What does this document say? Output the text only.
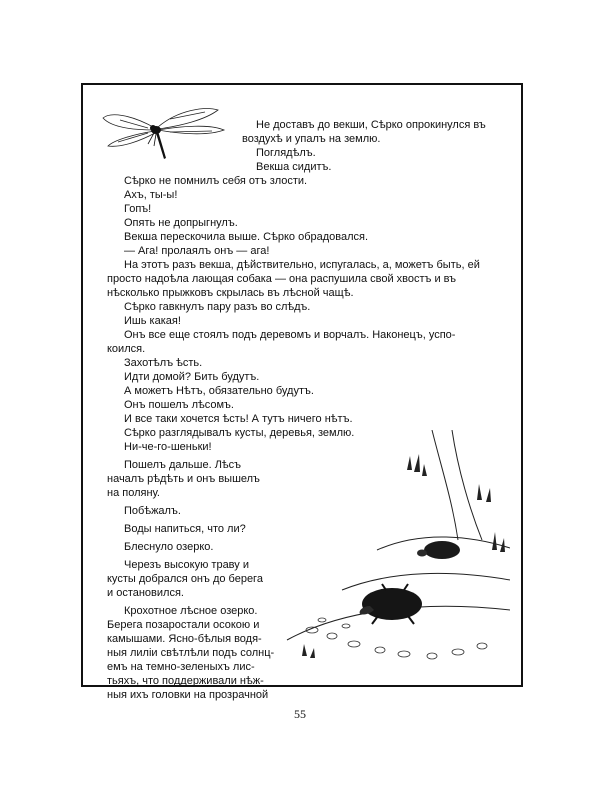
Не доставъ до векши, Сѣрко опрокинулся въ

воздухѣ и упалъ на землю.

Поглядѣлъ.

Векша сидитъ.

Сѣрко не помнилъ себя отъ злости.

Ахъ, ты-ы!

Гопъ!

Опять не допрыгнулъ.

Векша перескочила выше. Сѣрко обрадовался.

— Ага! пролаялъ онъ — ага!

На этотъ разъ векша, дѣйствительно, испугалась, а, можетъ быть, ей

просто надоѣла лающая собака — она распушила свой хвостъ и въ

нѣсколько прыжковъ скрылась въ лѣсной чащѣ.

Сѣрко гавкнулъ пару разъ во слѣдъ.

Ишь какая!

Онъ все еще стоялъ подъ деревомъ и ворчалъ. Наконецъ, успо-

коился.

Захотѣлъ ѣсть.

Идти домой? Бить будутъ.

А можетъ Нѣтъ, обязательно будутъ.

Онъ пошелъ лѣсомъ.

И все таки хочется ѣсть! А тутъ ничего нѣтъ.

Сѣрко разглядывалъ кусты, деревья, землю.

Ни-че-го-шеньки!

Пошелъ дальше. Лѣсъ

началъ рѣдѣть и онъ вышелъ

на поляну.

Побѣжалъ.

Воды напиться, что ли?

Блеснуло озерко.

Черезъ высокую траву и

кусты добрался онъ до берега

и остановился.

Крохотное лѣсное озерко.

Берега позаростали осокою и

камышами. Ясно-бѣлыя водя-

ныя лиліи свѣтлѣли подъ солнц-

емъ на темно-зеленыхъ лис-

тьяхъ, что поддерживали нѣж-

ныя ихъ головки на прозрачной

55
